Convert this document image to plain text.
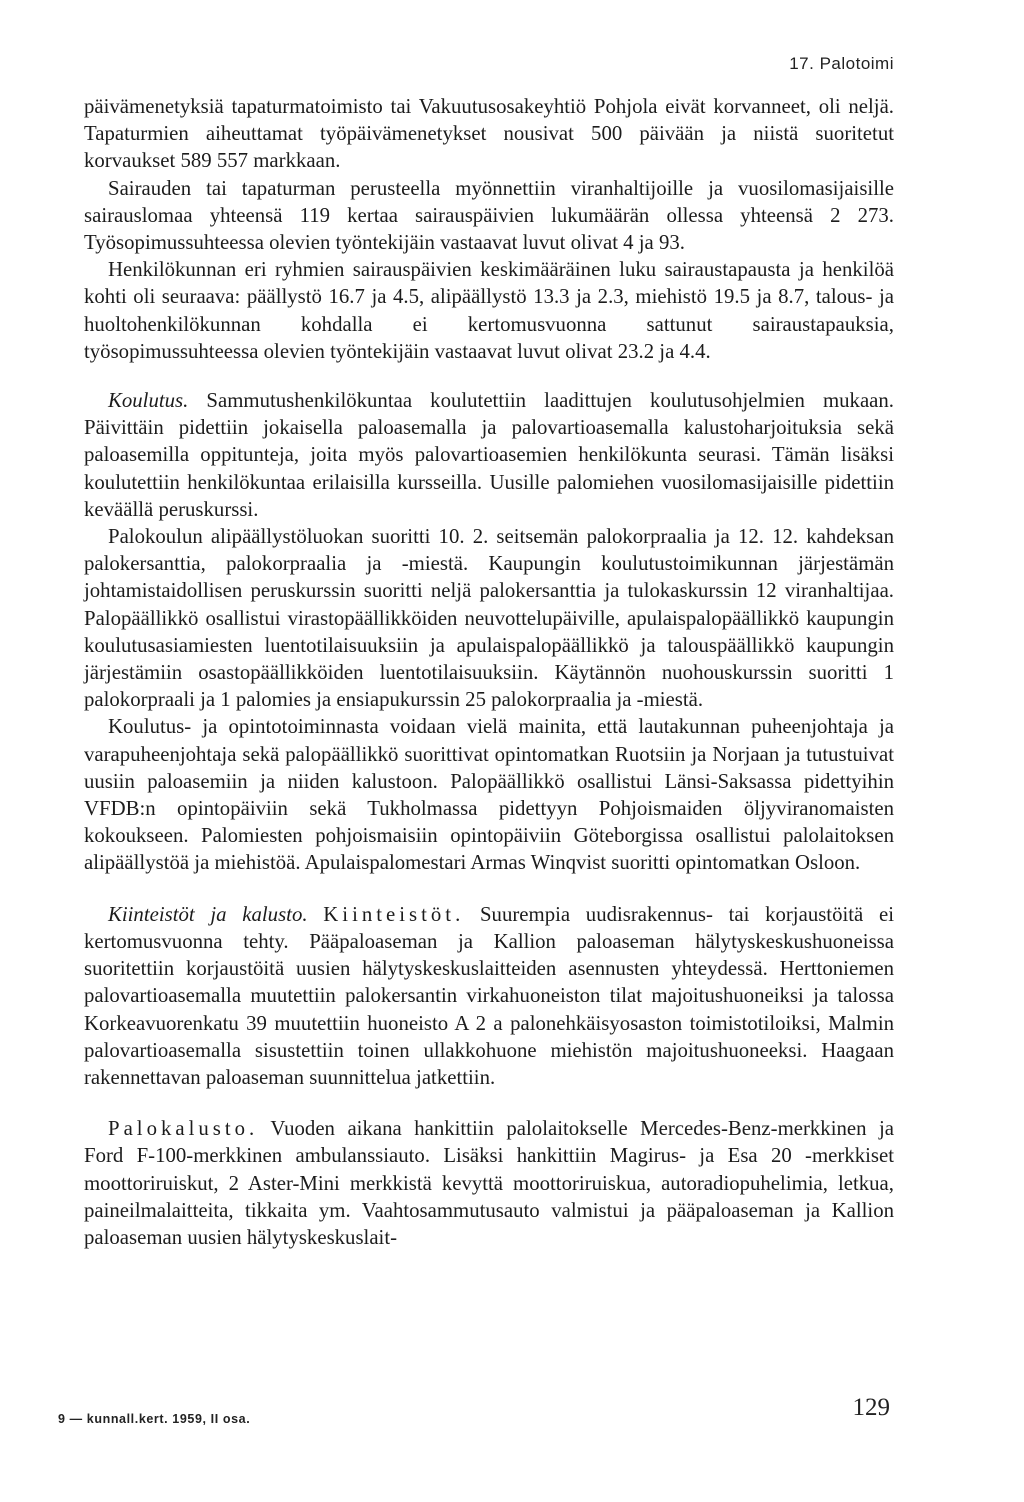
17. Palotoimi

päivämenetyksiä tapaturmatoimisto tai Vakuutusosakeyhtiö Pohjola eivät korvanneet, oli neljä. Tapaturmien aiheuttamat työpäivämenetykset nousivat 500 päivään ja niistä suoritetut korvaukset 589 557 markkaan.

Sairauden tai tapaturman perusteella myönnettiin viranhaltijoille ja vuosilomasijaisille sairauslomaa yhteensä 119 kertaa sairauspäivien lukumäärän ollessa yhteensä 2 273. Työsopimussuhteessa olevien työntekijäin vastaavat luvut olivat 4 ja 93.

Henkilökunnan eri ryhmien sairauspäivien keskimääräinen luku sairaustapausta ja henkilöä kohti oli seuraava: päällystö 16.7 ja 4.5, alipäällystö 13.3 ja 2.3, miehistö 19.5 ja 8.7, talous- ja huoltohenkilökunnan kohdalla ei kertomusvuonna sattunut sairaustapauksia, työsopimussuhteessa olevien työntekijäin vastaavat luvut olivat 23.2 ja 4.4.

Koulutus. Sammutushenkilökuntaa koulutettiin laadittujen koulutusohjelmien mukaan. Päivittäin pidettiin jokaisella paloasemalla ja palovartioasemalla kalustoharjoituksia sekä paloasemilla oppitunteja, joita myös palovartioasemien henkilökunta seurasi. Tämän lisäksi koulutettiin henkilökuntaa erilaisilla kursseilla. Uusille palomiehen vuosilomasijaisille pidettiin keväällä peruskurssi.

Palokoulun alipäällystöluokan suoritti 10. 2. seitsemän palokorpraalia ja 12. 12. kahdeksan palokersanttia, palokorpraalia ja -miestä. Kaupungin koulutustoimikunnan järjestämän johtamistaidollisen peruskurssin suoritti neljä palokersanttia ja tulokaskurssin 12 viranhaltijaa. Palopäällikkö osallistui virastopäällikköiden neuvottelupäiville, apulaispalopäällikkö kaupungin koulutusasiamiesten luentotilaisuuksiin ja apulaispalopäällikkö ja talouspäällikkö kaupungin järjestämiin osastopäällikköiden luentotilaisuuksiin. Käytännön nuohouskurssin suoritti 1 palokorpraali ja 1 palomies ja ensiapukurssin 25 palokorpraalia ja -miestä.

Koulutus- ja opintotoiminnasta voidaan vielä mainita, että lautakunnan puheenjohtaja ja varapuheenjohtaja sekä palopäällikkö suorittivat opintomatkan Ruotsiin ja Norjaan ja tutustuivat uusiin paloasemiin ja niiden kalustoon. Palopäällikkö osallistui Länsi-Saksassa pidettyihin VFDB:n opintopäiviin sekä Tukholmassa pidettyyn Pohjoismaiden öljyviranomaisten kokoukseen. Palomiesten pohjoismaisiin opintopäiviin Göteborgissa osallistui palolaitoksen alipäällystöä ja miehistöä. Apulaispalomestari Armas Winqvist suoritti opintomatkan Osloon.

Kiinteistöt ja kalusto. Kiinteistöt. Suurempia uudisrakennus- tai korjaustöitä ei kertomusvuonna tehty. Pääpaloaseman ja Kallion paloaseman hälytyskeskushuoneissa suoritettiin korjaustöitä uusien hälytyskeskuslaitteiden asennusten yhteydessä. Herttoniemen palovartioasemalla muutettiin palokersantin virkahuoneiston tilat majoitushuoneiksi ja talossa Korkeavuorenkatu 39 muutettiin huoneisto A 2 a palonehkäisyosaston toimistotiloiksi, Malmin palovartioasemalla sisustettiin toinen ullakkohuone miehistön majoitushuoneeksi. Haagaan rakennettavan paloaseman suunnittelua jatkettiin.

Palokalusto. Vuoden aikana hankittiin palolaitokselle Mercedes-Benz-merkkinen ja Ford F-100-merkkinen ambulanssiauto. Lisäksi hankittiin Magirus- ja Esa 20 -merkkiset moottoriruiskut, 2 Aster-Mini merkkistä kevyttä moottoriruiskua, autoradiopuhelimia, letkua, paineilmalaitteita, tikkaita ym. Vaahtosammutusauto valmistui ja pääpaloaseman ja Kallion paloaseman uusien hälytyskeskuslait-

9 — kunnall.kert. 1959, II osa.	129
